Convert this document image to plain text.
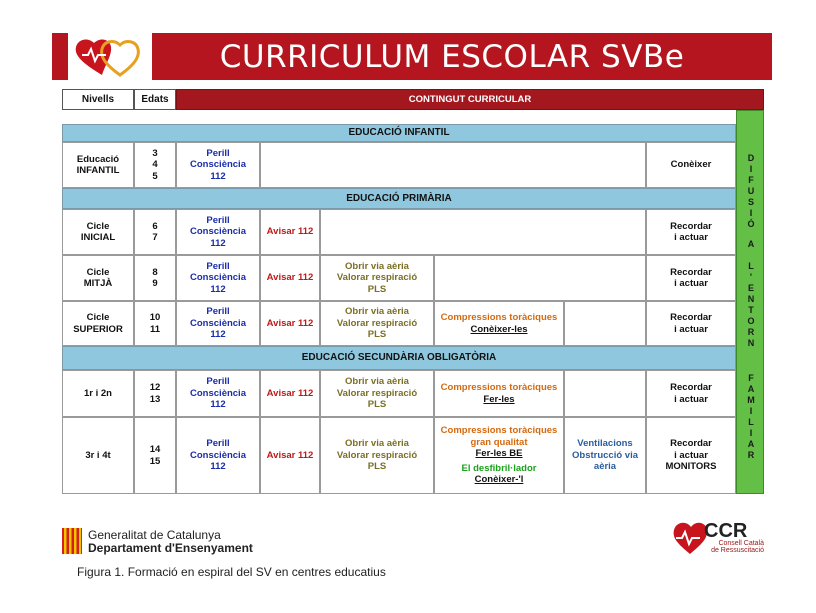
CURRICULUM ESCOLAR SVBe
Nivells	Edats	CONTINGUT CURRICULAR
EDUCACIÓ INFANTIL
Educació
INFANTIL
3
4
5
Perill
Consciència
112
Conèixer
EDUCACIÓ PRIMÀRIA
Cicle
INICIAL
6
7
Perill
Consciència
112
Avisar 112
Recordar
i actuar
Cicle
MITJÀ
8
9
Perill
Consciència
112
Avisar 112
Obrir via aèria
Valorar respiració
PLS
Recordar
i actuar
Cicle
SUPERIOR
10
11
Perill
Consciència
112
Avisar 112
Obrir via aèria
Valorar respiració
PLS
Compressions toràciques
Conèixer-les
Recordar
i actuar
EDUCACIÓ SECUNDÀRIA OBLIGATÒRIA
1r i 2n
12
13
Perill
Consciència
112
Avisar 112
Obrir via aèria
Valorar respiració
PLS
Compressions toràciques
Fer-les
Recordar
i actuar
3r i 4t
14
15
Perill
Consciència
112
Avisar 112
Obrir via aèria
Valorar respiració
PLS
Compressions toràciques
gran qualitat
Fer-les BE
El desfibril·lador
Conèixer-'l
Ventilacions
Obstrucció via
aèria
Recordar
i actuar
MONITORS
D
I
F
U
S
I
Ó
A
L
'
E
N
T
O
R
N
F
A
M
I
L
I
A
R
Generalitat de Catalunya
Departament d'Ensenyament
CCR
Consell Català
de Ressuscitació
Figura 1. Formació en espiral del SV en centres educatius
